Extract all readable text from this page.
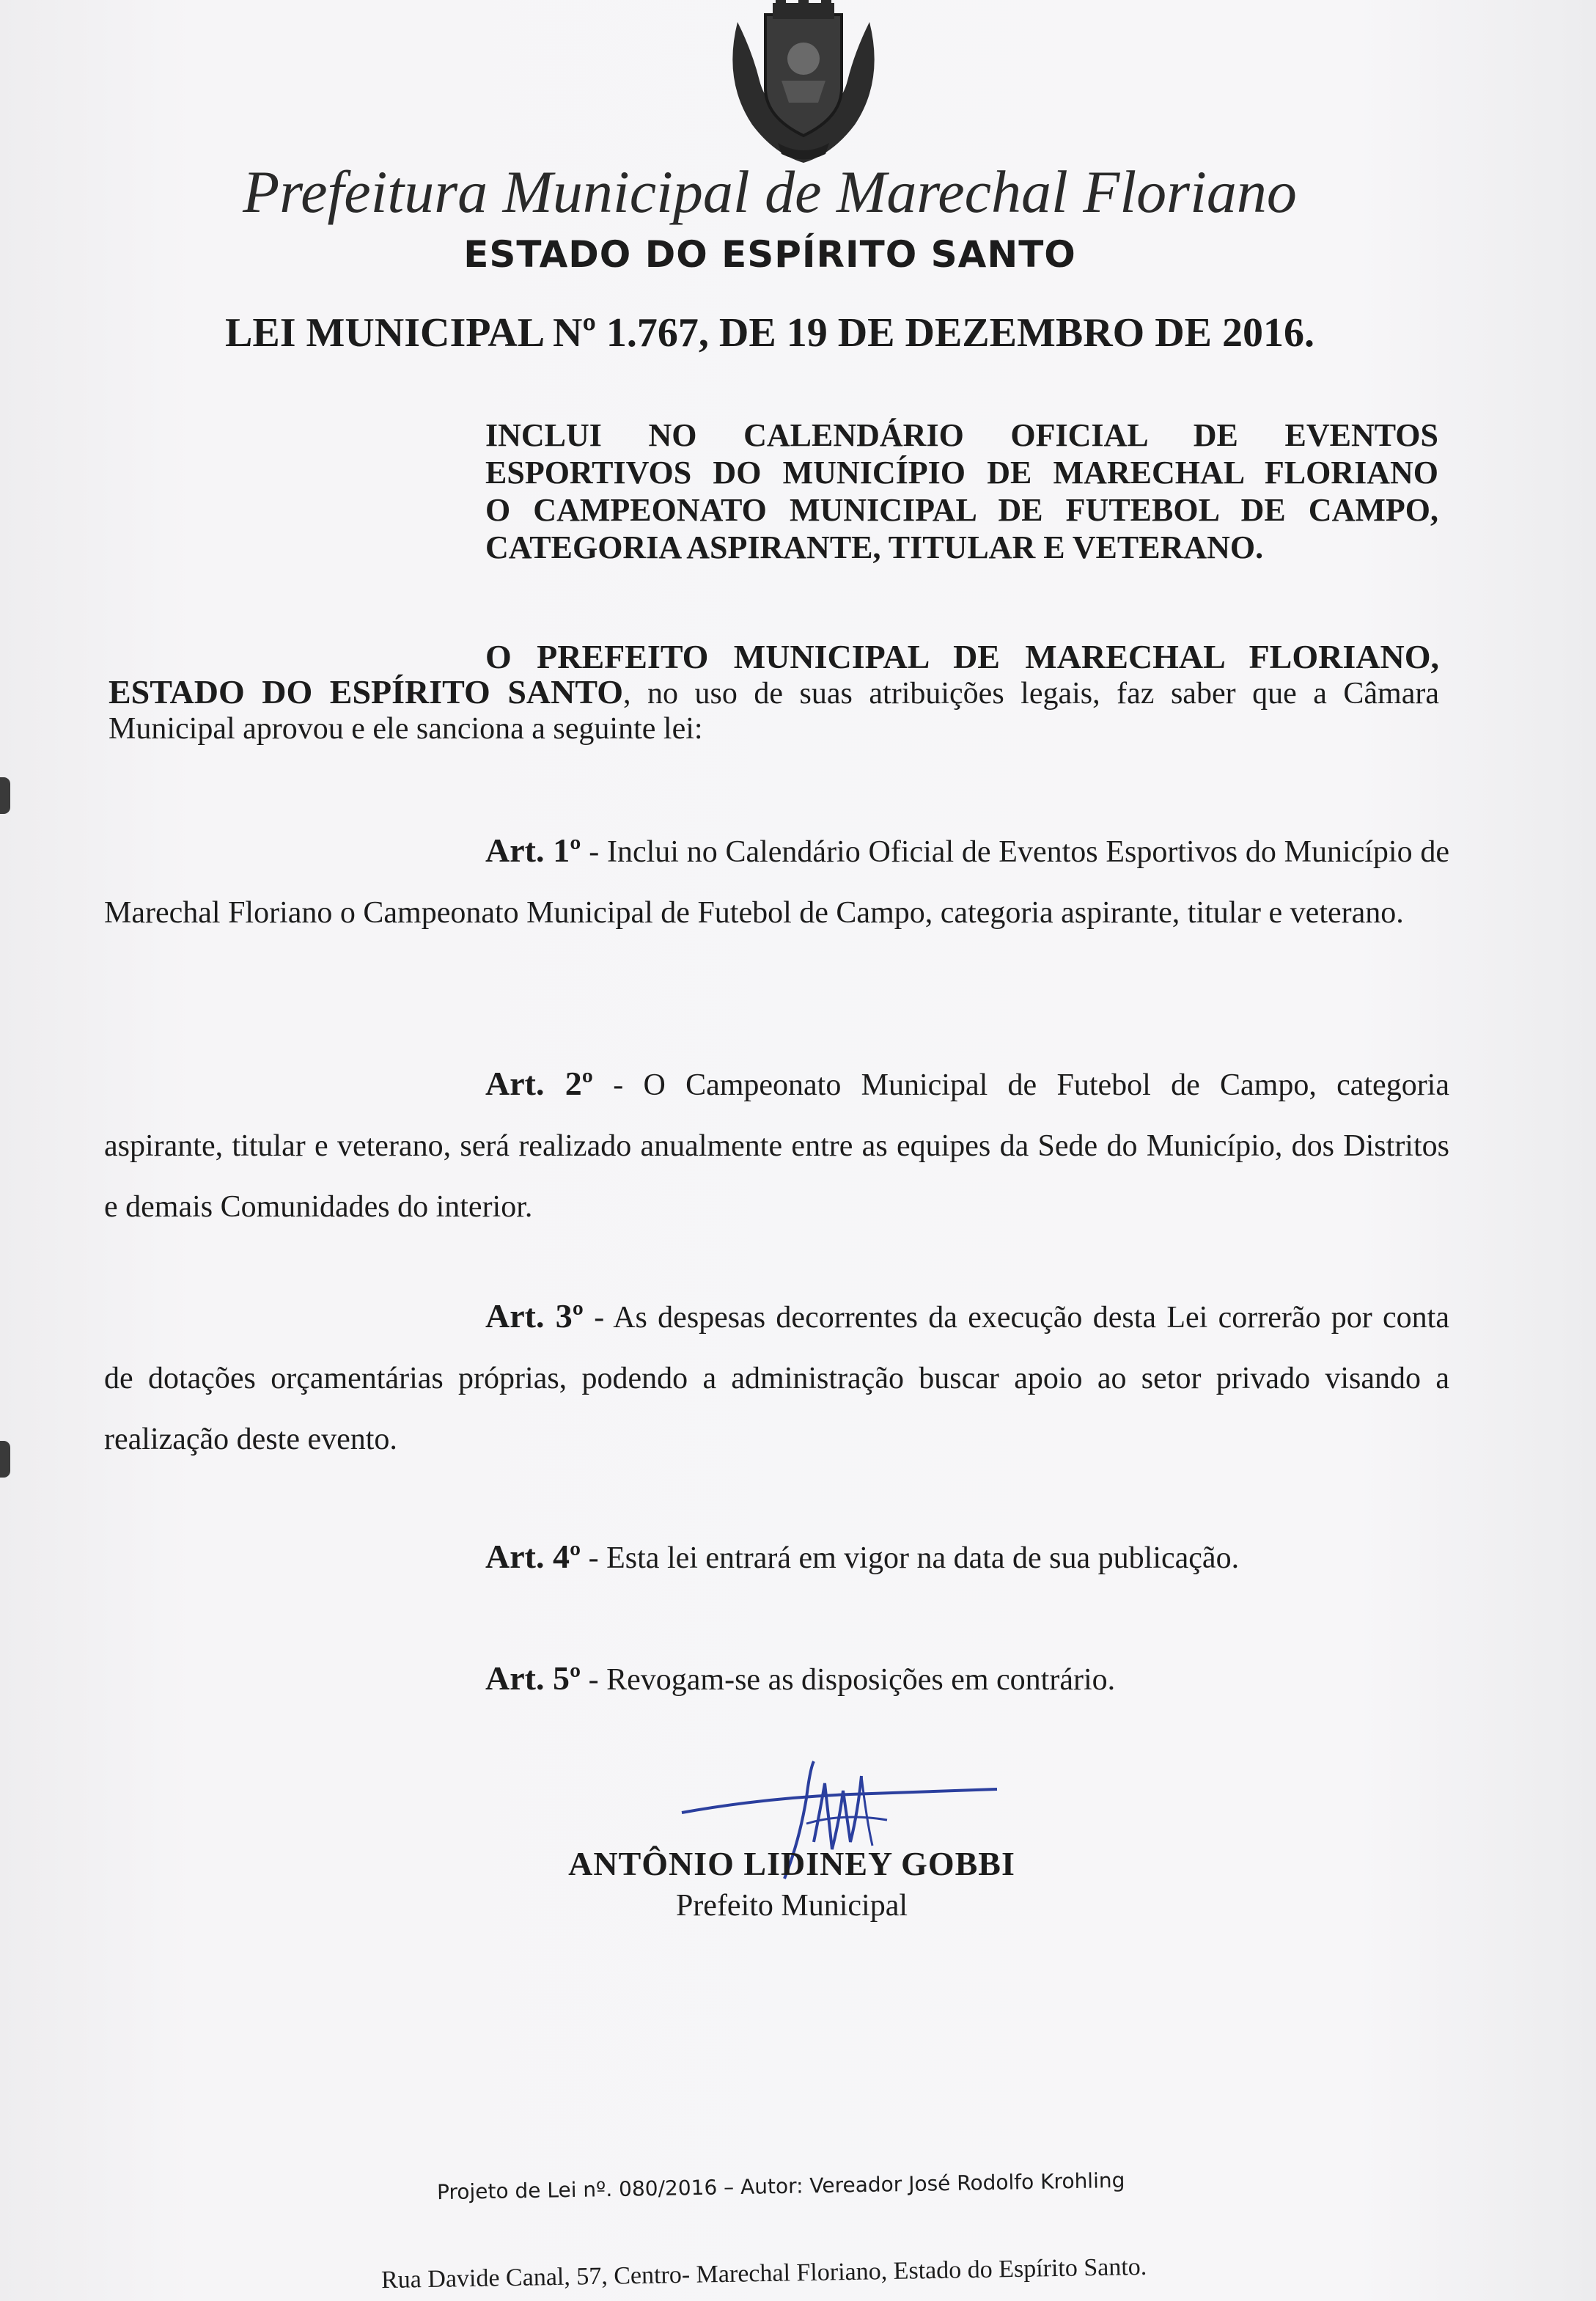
Prefeitura Municipal de Marechal Floriano
ESTADO DO ESPÍRITO SANTO
LEI MUNICIPAL Nº 1.767, DE 19 DE DEZEMBRO DE 2016.
INCLUI NO CALENDÁRIO OFICIAL DE EVENTOS
ESPORTIVOS DO MUNICÍPIO DE MARECHAL FLORIANO
O CAMPEONATO MUNICIPAL DE FUTEBOL DE CAMPO,
CATEGORIA ASPIRANTE, TITULAR E VETERANO.
O PREFEITO MUNICIPAL DE MARECHAL FLORIANO,
ESTADO DO ESPÍRITO SANTO, no uso de suas atribuições legais, faz saber que a Câmara Municipal aprovou e ele sanciona a seguinte lei:
Art. 1º - Inclui no Calendário Oficial de Eventos Esportivos do Município de Marechal Floriano o Campeonato Municipal de Futebol de Campo, categoria aspirante, titular e veterano.
Art. 2º - O Campeonato Municipal de Futebol de Campo, categoria aspirante, titular e veterano, será realizado anualmente entre as equipes da Sede do Município, dos Distritos e demais Comunidades do interior.
Art. 3º - As despesas decorrentes da execução desta Lei correrão por conta de dotações orçamentárias próprias, podendo a administração buscar apoio ao setor privado visando a realização deste evento.
Art. 4º - Esta lei entrará em vigor na data de sua publicação.
Art. 5º - Revogam-se as disposições em contrário.
ANTÔNIO LIDINEY GOBBI
Prefeito Municipal
Projeto de Lei nº. 080/2016 – Autor: Vereador José Rodolfo Krohling
Rua Davide Canal, 57, Centro- Marechal Floriano, Estado do Espírito Santo.
